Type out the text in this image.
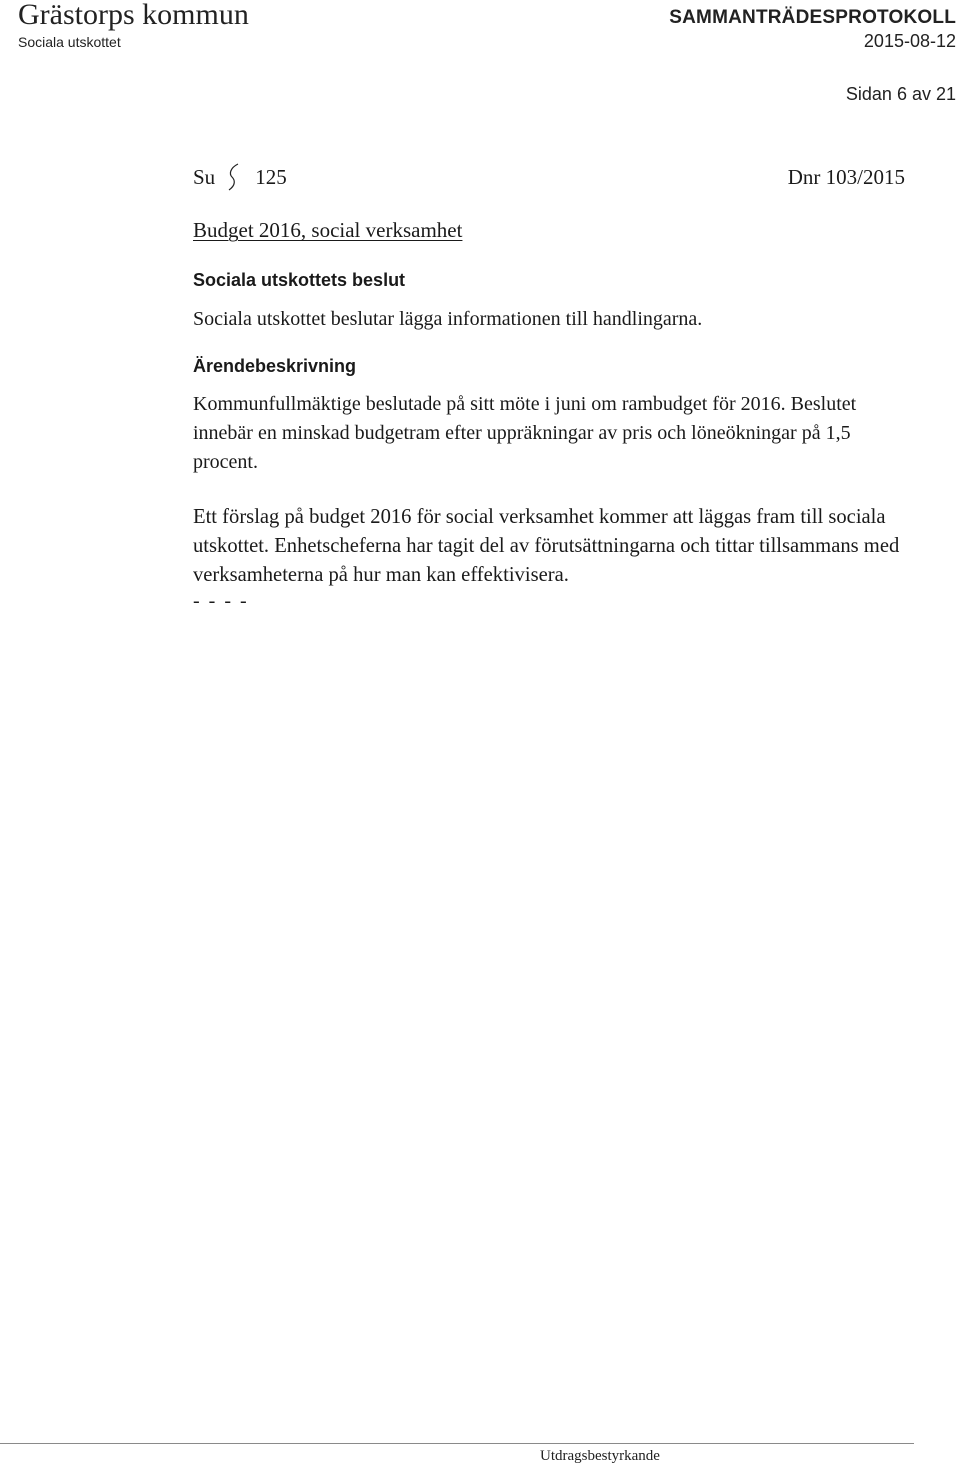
Grästorps kommun
Sociala utskottet
SAMMANTRÄDESPROTOKOLL
2015-08-12
Sidan 6 av 21
Su 125	Dnr 103/2015
Budget 2016, social verksamhet
Sociala utskottets beslut

Sociala utskottet beslutar lägga informationen till handlingarna.

Ärendebeskrivning

Kommunfullmäktige beslutade på sitt möte i juni om rambudget för 2016. Beslutet innebär en minskad budgetram efter uppräkningar av pris och löneökningar på 1,5 procent.

Ett förslag på budget 2016 för social verksamhet kommer att läggas fram till sociala utskottet. Enhetscheferna har tagit del av förutsättningarna och tittar tillsammans med verksamheterna på hur man kan effektivisera.

- - - -
Utdragsbestyrkande
